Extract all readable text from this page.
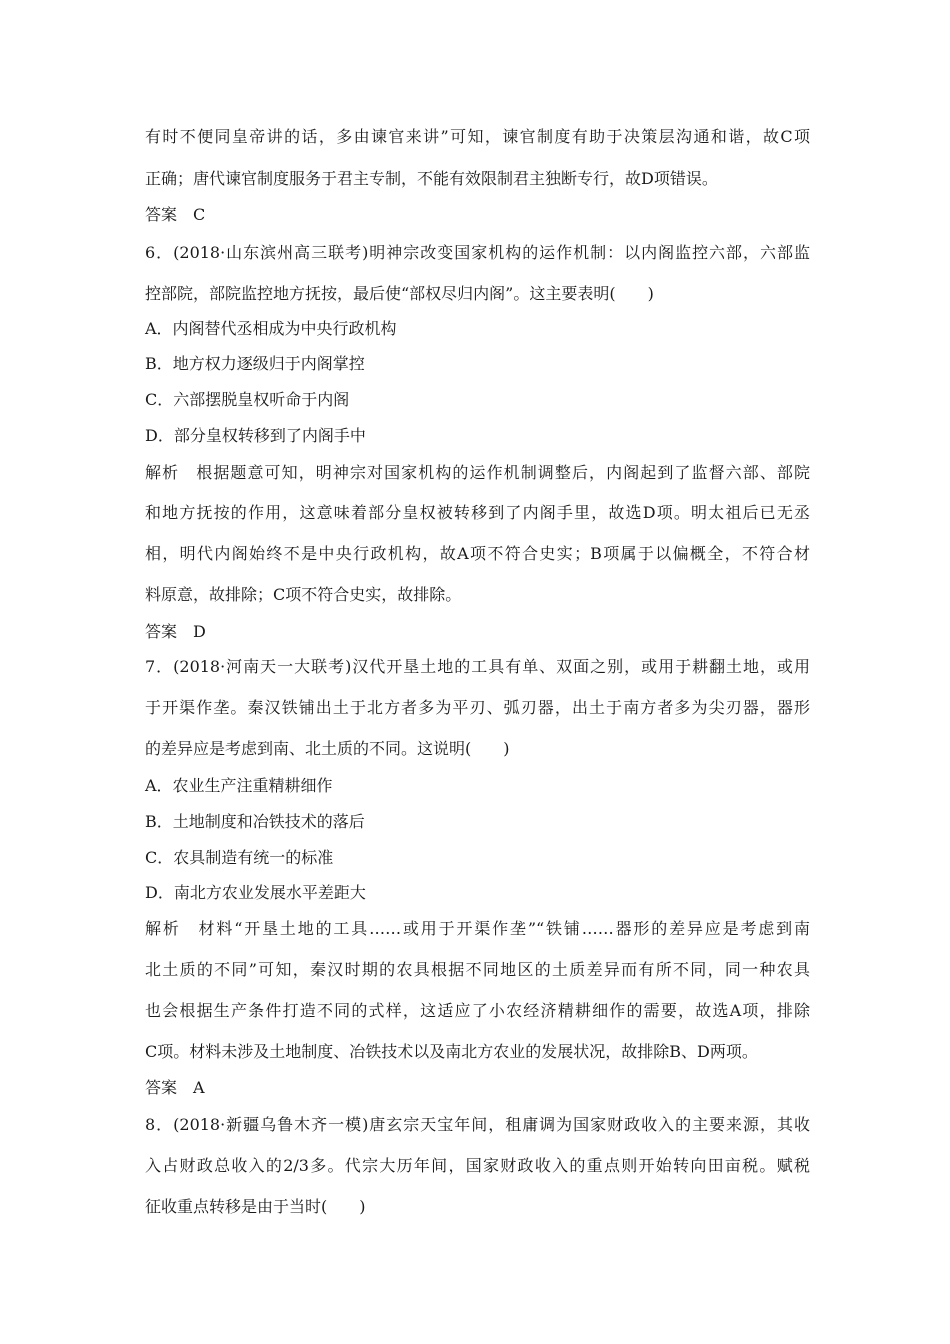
有时不便同皇帝讲的话，多由谏官来讲”可知，谏官制度有助于决策层沟通和谐，故C项
正确；唐代谏官制度服务于君主专制，不能有效限制君主独断专行，故D项错误。
答案　C
6．(2018·山东滨州高三联考)明神宗改变国家机构的运作机制：以内阁监控六部，六部监
控部院，部院监控地方抚按，最后使“部权尽归内阁”。这主要表明(　　)
A．内阁替代丞相成为中央行政机构
B．地方权力逐级归于内阁掌控
C．六部摆脱皇权听命于内阁
D．部分皇权转移到了内阁手中
解析　根据题意可知，明神宗对国家机构的运作机制调整后，内阁起到了监督六部、部院
和地方抚按的作用，这意味着部分皇权被转移到了内阁手里，故选D项。明太祖后已无丞
相，明代内阁始终不是中央行政机构，故A项不符合史实；B项属于以偏概全，不符合材
料原意，故排除；C项不符合史实，故排除。
答案　D
7．(2018·河南天一大联考)汉代开垦土地的工具有单、双面之别，或用于耕翻土地，或用
于开渠作垄。秦汉铁铺出土于北方者多为平刃、弧刃器，出土于南方者多为尖刃器，器形
的差异应是考虑到南、北土质的不同。这说明(　　)
A．农业生产注重精耕细作
B．土地制度和冶铁技术的落后
C．农具制造有统一的标准
D．南北方农业发展水平差距大
解析　材料“开垦土地的工具……或用于开渠作垄”“铁铺……器形的差异应是考虑到南
北土质的不同”可知，秦汉时期的农具根据不同地区的土质差异而有所不同，同一种农具
也会根据生产条件打造不同的式样，这适应了小农经济精耕细作的需要，故选A项，排除
C项。材料未涉及土地制度、冶铁技术以及南北方农业的发展状况，故排除B、D两项。
答案　A
8．(2018·新疆乌鲁木齐一模)唐玄宗天宝年间，租庸调为国家财政收入的主要来源，其收
入占财政总收入的2/3多。代宗大历年间，国家财政收入的重点则开始转向田亩税。赋税
征收重点转移是由于当时(　　)
